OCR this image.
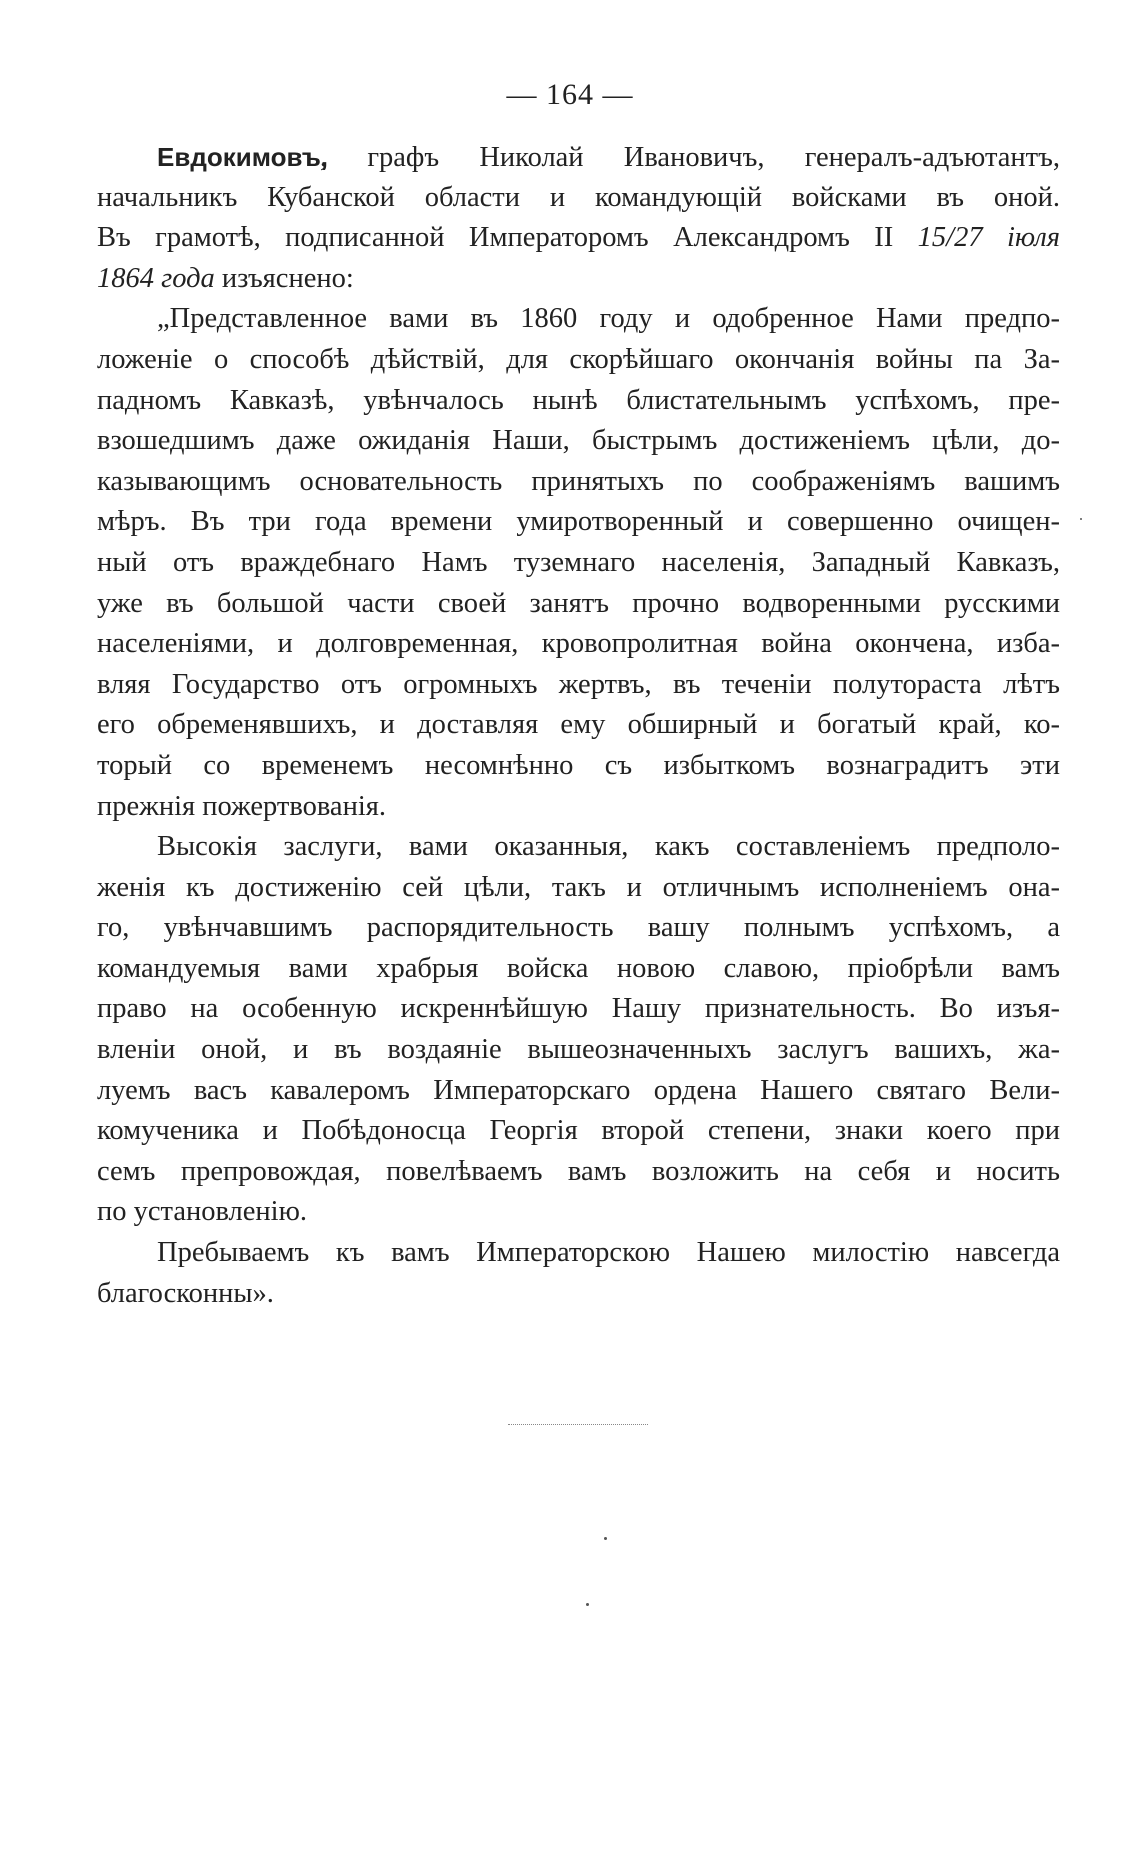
— 164 —

Евдокимовъ,, графъ Николай Ивановичъ, генералъ-адъютантъ,
начальникъ Кубанской области и командующій войсками въ оной.
Въ грамотѣ, подписанной Императоромъ Александромъ II 15/27 іюля
1864 года изъяснено:

„Представленное вами въ 1860 году и одобренное Нами предпо-
ложеніе о способѣ дѣйствій, для скорѣйшаго окончанія войны па За-
падномъ Кавказѣ, увѣнчалось нынѣ блистательнымъ успѣхомъ, пре-
взошедшимъ даже ожиданія Наши, быстрымъ достиженіемъ цѣли, до-
казывающимъ основательность принятыхъ по соображеніямъ вашимъ
мѣръ. Въ три года времени умиротворенный и совершенно очищен-
ный отъ враждебнаго Намъ туземнаго населенія, Западный Кавказъ,
уже въ большой части своей занятъ прочно водворенными русскими
населеніями, и долговременная, кровопролитная война окончена, избa-
вляя Государство отъ огромныхъ жертвъ, въ теченіи полутораста лѣтъ
его обременявшихъ, и доставляя ему обширный и богатый край, ко-
торый со временемъ несомнѣнно съ избыткомъ вознаградитъ эти
прежнія пожертвованія.

Высокія заслуги, вами оказанныя, какъ составленіемъ предполо-
женія къ достиженію сей цѣли, такъ и отличнымъ исполненіемъ она-
го, увѣнчавшимъ распорядительность вашу полнымъ успѣхомъ, а
командуемыя вами храбрыя войска новою славою, пріобрѣли вамъ
право на особенную искреннѣйшую Нашу признательность. Во изъя-
вленіи оной, и въ воздаяніе вышеозначенныхъ заслугъ вашихъ, жa-
луемъ васъ кавалеромъ Императорскаго ордена Нашего святаго Вели-
комученика и Побѣдоносца Георгія второй степени, знаки коего при
семъ препровождая, повелѣваемъ вамъ возложить на себя и носить
по установленію.

Пребываемъ къ вамъ Императорскою Нашею милостію навсегда
благосконны».
